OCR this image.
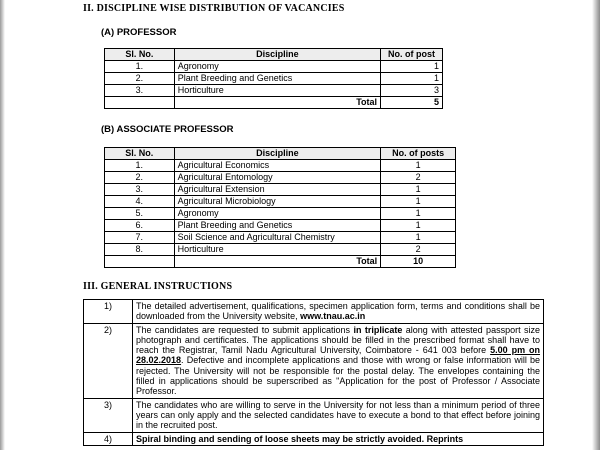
II. DISCIPLINE WISE DISTRIBUTION OF VACANCIES
(A) PROFESSOR
Sl. No.	Discipline	No. of post
1.	Agronomy	1
2.	Plant Breeding and Genetics	1
3.	Horticulture	3
	Total	5
(B) ASSOCIATE PROFESSOR
Sl. No.	Discipline	No. of posts
1.	Agricultural Economics	1
2.	Agricultural Entomology	2
3.	Agricultural Extension	1
4.	Agricultural Microbiology	1
5.	Agronomy	1
6.	Plant Breeding and Genetics	1
7.	Soil Science and Agricultural Chemistry	1
8.	Horticulture	2
	Total	10
III. GENERAL INSTRUCTIONS
1)	The detailed advertisement, qualifications, specimen application form, terms and conditions shall be downloaded from the University website, www.tnau.ac.in
2)	The candidates are requested to submit applications in triplicate along with attested passport size photograph and certificates. The applications should be filled in the prescribed format shall have to reach the Registrar, Tamil Nadu Agricultural University, Coimbatore - 641 003 before 5.00 pm on 28.02.2018. Defective and incomplete applications and those with wrong or false information will be rejected. The University will not be responsible for the postal delay. The envelopes containing the filled in applications should be superscribed as "Application for the post of Professor / Associate Professor.
3)	The candidates who are willing to serve in the University for not less than a minimum period of three years can only apply and the selected candidates have to execute a bond to that effect before joining in the recruited post.
4)	Spiral binding and sending of loose sheets may be strictly avoided. Reprints
